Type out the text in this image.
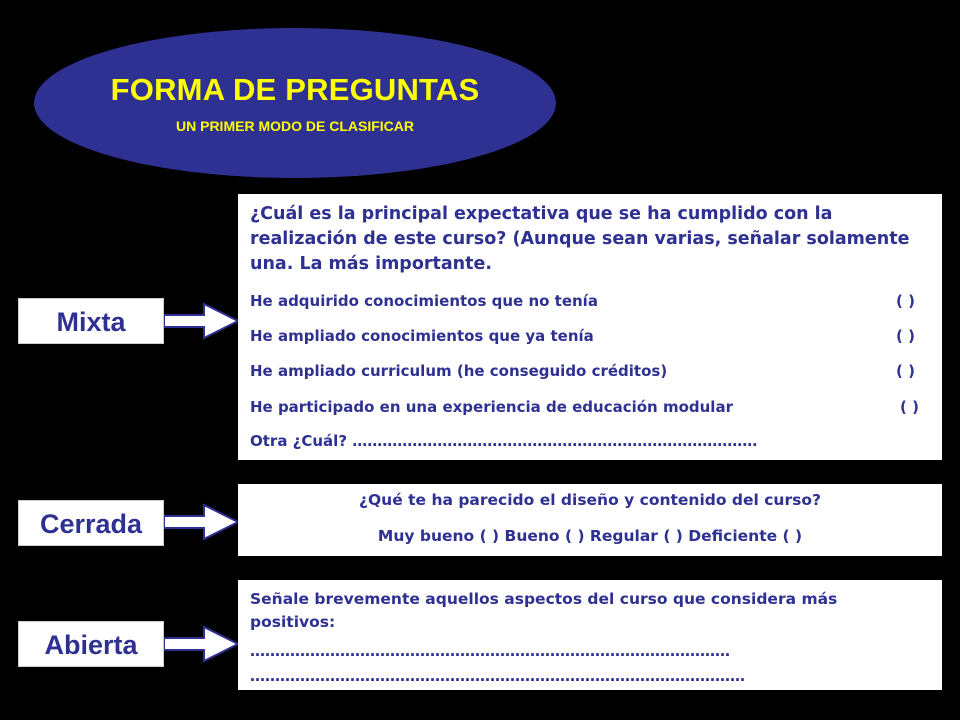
FORMA DE PREGUNTAS
UN PRIMER MODO DE CLASIFICAR
Mixta
¿Cuál es la principal expectativa que se ha cumplido con la realización de este curso? (Aunque sean varias, señalar solamente una. La más importante.
He adquirido conocimientos que no tenía	( )
He ampliado conocimientos que ya tenía	( )
He ampliado curriculum (he conseguido créditos)	( )
He participado en una experiencia de educación modular	( )
Otra ¿Cuál? ………………………………………………………………………
Cerrada
¿Qué te ha parecido el diseño y contenido del curso?
Muy bueno ( ) Bueno ( ) Regular ( ) Deficiente ( )
Abierta
Señale brevemente aquellos aspectos del curso que considera más positivos:
……………………………………………………………………………………
………………………………………………………………………………………
